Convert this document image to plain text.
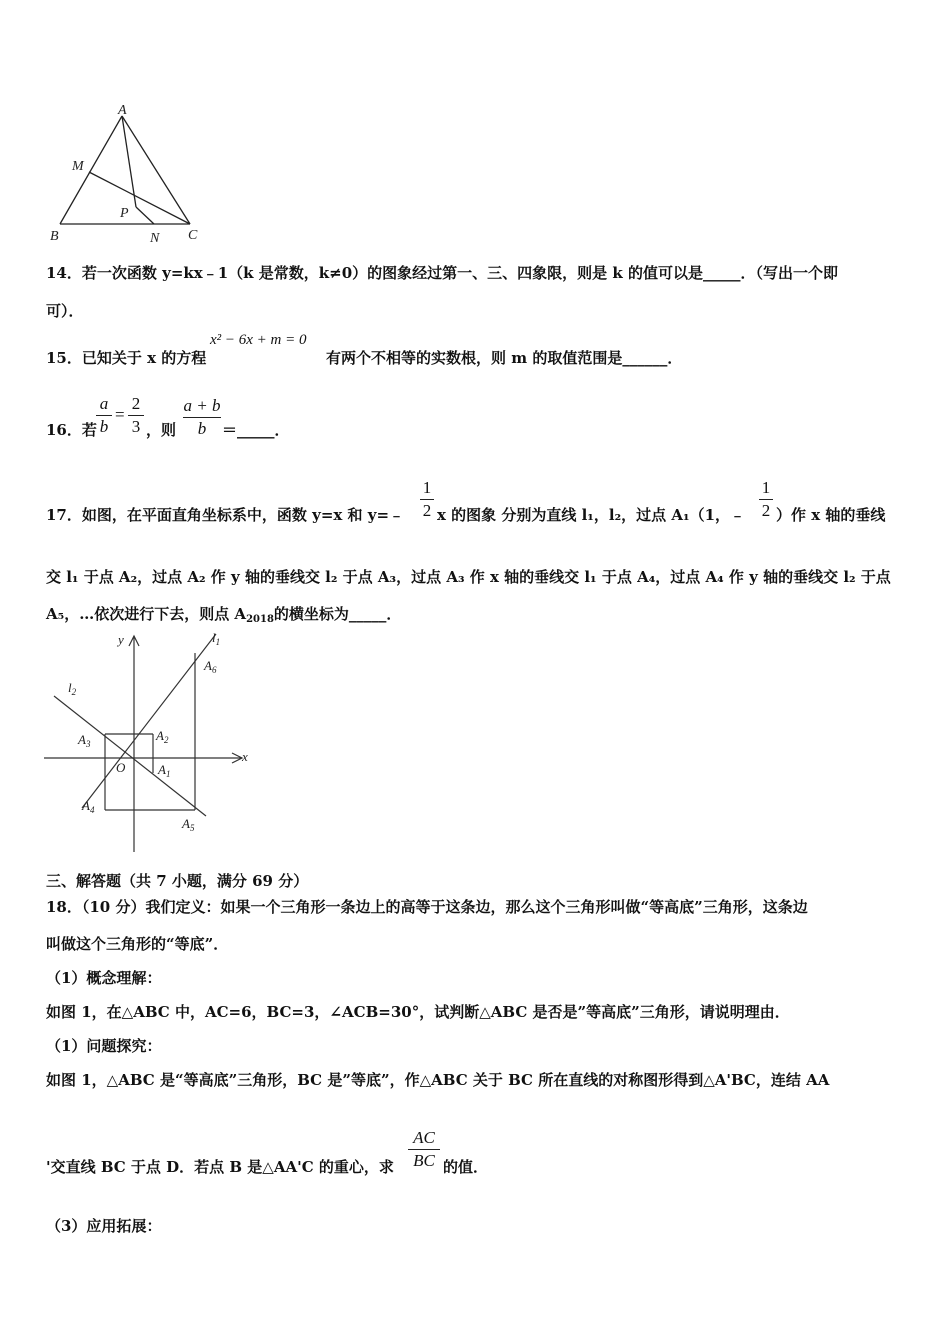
A
M
P
B	N C
14．若一次函数 y=kx﹣1（k 是常数，k≠0）的图象经过第一、三、四象限，则是 k 的值可以是_____．（写出一个即
可）．
15．已知关于 x 的方程
x² − 6x + m = 0
有两个不相等的实数根，则 m 的取值范围是______．
16．若
a
b
=
2
3 ，则
a + b
b	＝_____．
17．如图，在平面直角坐标系中，函数 y=x 和 y=﹣
1
2 x 的图象 分别为直线 l₁，l₂，过点 A₁（1，﹣
1
2 ）作 x 轴的垂线
交 l₁ 于点 A₂，过点 A₂ 作 y 轴的垂线交 l₂ 于点 A₃，过点 A₃ 作 x 轴的垂线交 l₁ 于点 A₄，过点 A₄ 作 y 轴的垂线交 l₂ 于点
A₅，…依次进行下去，则点 $A_{2018}$的横坐标为_____．
y
x
$l_1$
$l_2$
$A_6$
$A_2$
$A_3$
O	$A_1$
$A_4$
$A_5$
三、解答题（共 7 小题，满分 69 分）
18．（10 分）我们定义：如果一个三角形一条边上的高等于这条边，那么这个三角形叫做“等高底”三角形，这条边
叫做这个三角形的“等底”．
（1）概念理解：
如图 1，在△ABC 中，AC=6，BC=3，∠ACB=30°，试判断△ABC 是否是”等高底”三角形，请说明理由．
（1）问题探究：
如图 1，△ABC 是“等高底”三角形，BC 是”等底”，作△ABC 关于 BC 所在直线的对称图形得到△A'BC，连结 AA
'交直线 BC 于点 D．若点 B 是△AA'C 的重心，求
AC
BC 的值．
（3）应用拓展：
